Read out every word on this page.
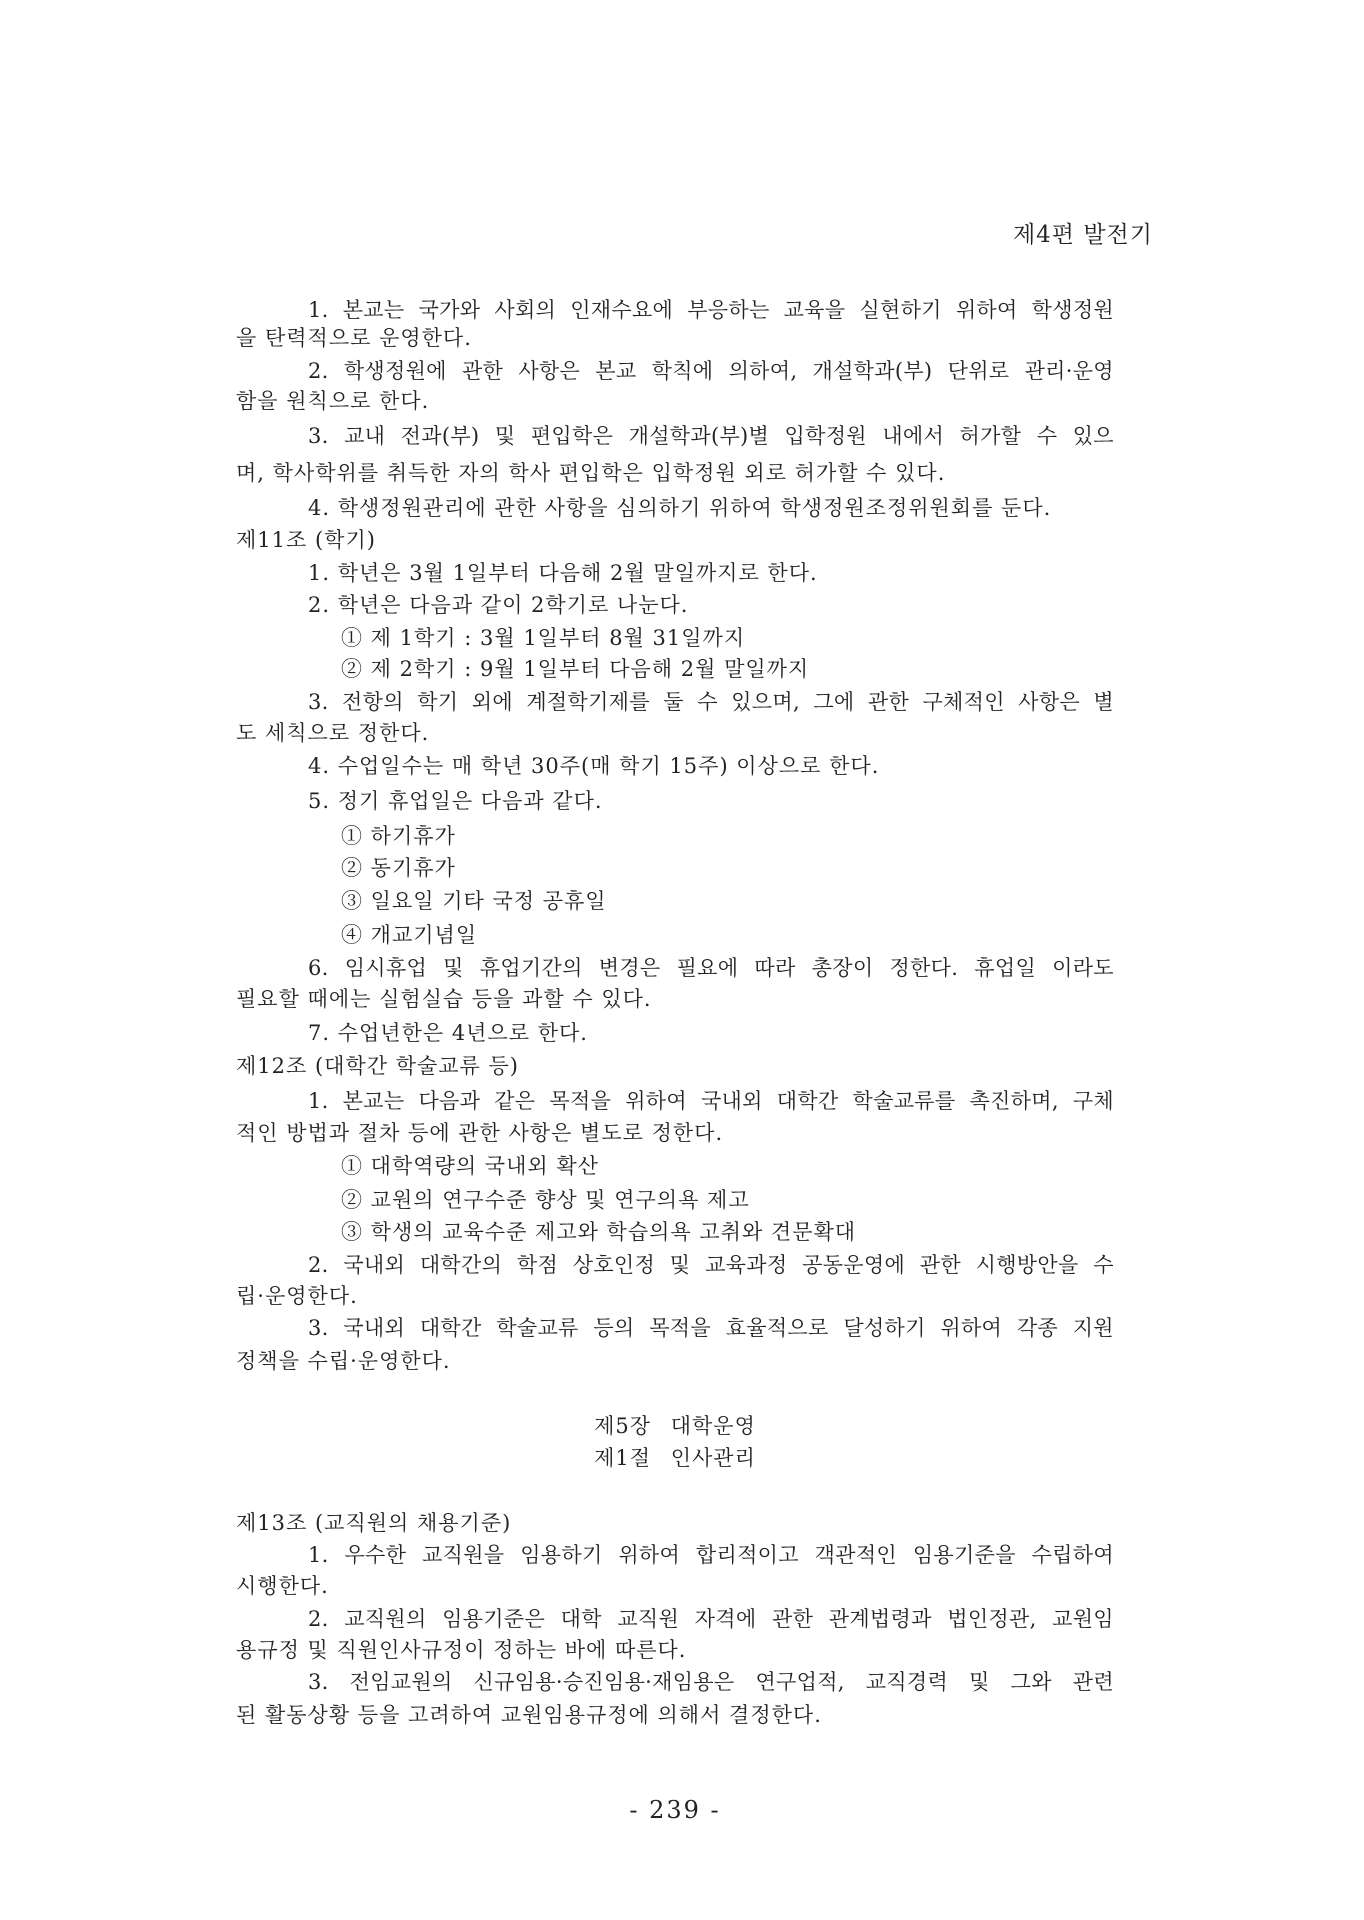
제4편 발전기
1. 본교는 국가와 사회의 인재수요에 부응하는 교육을 실현하기 위하여 학생정원
을 탄력적으로 운영한다.
2. 학생정원에 관한 사항은 본교 학칙에 의하여, 개설학과(부) 단위로 관리·운영
함을 원칙으로 한다.
3. 교내 전과(부) 및 편입학은 개설학과(부)별 입학정원 내에서 허가할 수 있으
며, 학사학위를 취득한 자의 학사 편입학은 입학정원 외로 허가할 수 있다.
4. 학생정원관리에 관한 사항을 심의하기 위하여 학생정원조정위원회를 둔다.
제11조 (학기)
1. 학년은 3월 1일부터 다음해 2월 말일까지로 한다.
2. 학년은 다음과 같이 2학기로 나눈다.
① 제 1학기 : 3월 1일부터 8월 31일까지
② 제 2학기 : 9월 1일부터 다음해 2월 말일까지
3. 전항의 학기 외에 계절학기제를 둘 수 있으며, 그에 관한 구체적인 사항은 별
도 세칙으로 정한다.
4. 수업일수는 매 학년 30주(매 학기 15주) 이상으로 한다.
5. 정기 휴업일은 다음과 같다.
① 하기휴가
② 동기휴가
③ 일요일 기타 국정 공휴일
④ 개교기념일
6. 임시휴업 및 휴업기간의 변경은 필요에 따라 총장이 정한다. 휴업일 이라도
필요할 때에는 실험실습 등을 과할 수 있다.
7. 수업년한은 4년으로 한다.
제12조 (대학간 학술교류 등)
1. 본교는 다음과 같은 목적을 위하여 국내외 대학간 학술교류를 촉진하며, 구체
적인 방법과 절차 등에 관한 사항은 별도로 정한다.
① 대학역량의 국내외 확산
② 교원의 연구수준 향상 및 연구의욕 제고
③ 학생의 교육수준 제고와 학습의욕 고취와 견문확대
2. 국내외 대학간의 학점 상호인정 및 교육과정 공동운영에 관한 시행방안을 수
립·운영한다.
3. 국내외 대학간 학술교류 등의 목적을 효율적으로 달성하기 위하여 각종 지원
정책을 수립·운영한다.
제5장 대학운영
제1절 인사관리
제13조 (교직원의 채용기준)
1. 우수한 교직원을 임용하기 위하여 합리적이고 객관적인 임용기준을 수립하여
시행한다.
2. 교직원의 임용기준은 대학 교직원 자격에 관한 관계법령과 법인정관, 교원임
용규정 및 직원인사규정이 정하는 바에 따른다.
3. 전임교원의 신규임용·승진임용·재임용은 연구업적, 교직경력 및 그와 관련
된 활동상황 등을 고려하여 교원임용규정에 의해서 결정한다.
- 239 -
